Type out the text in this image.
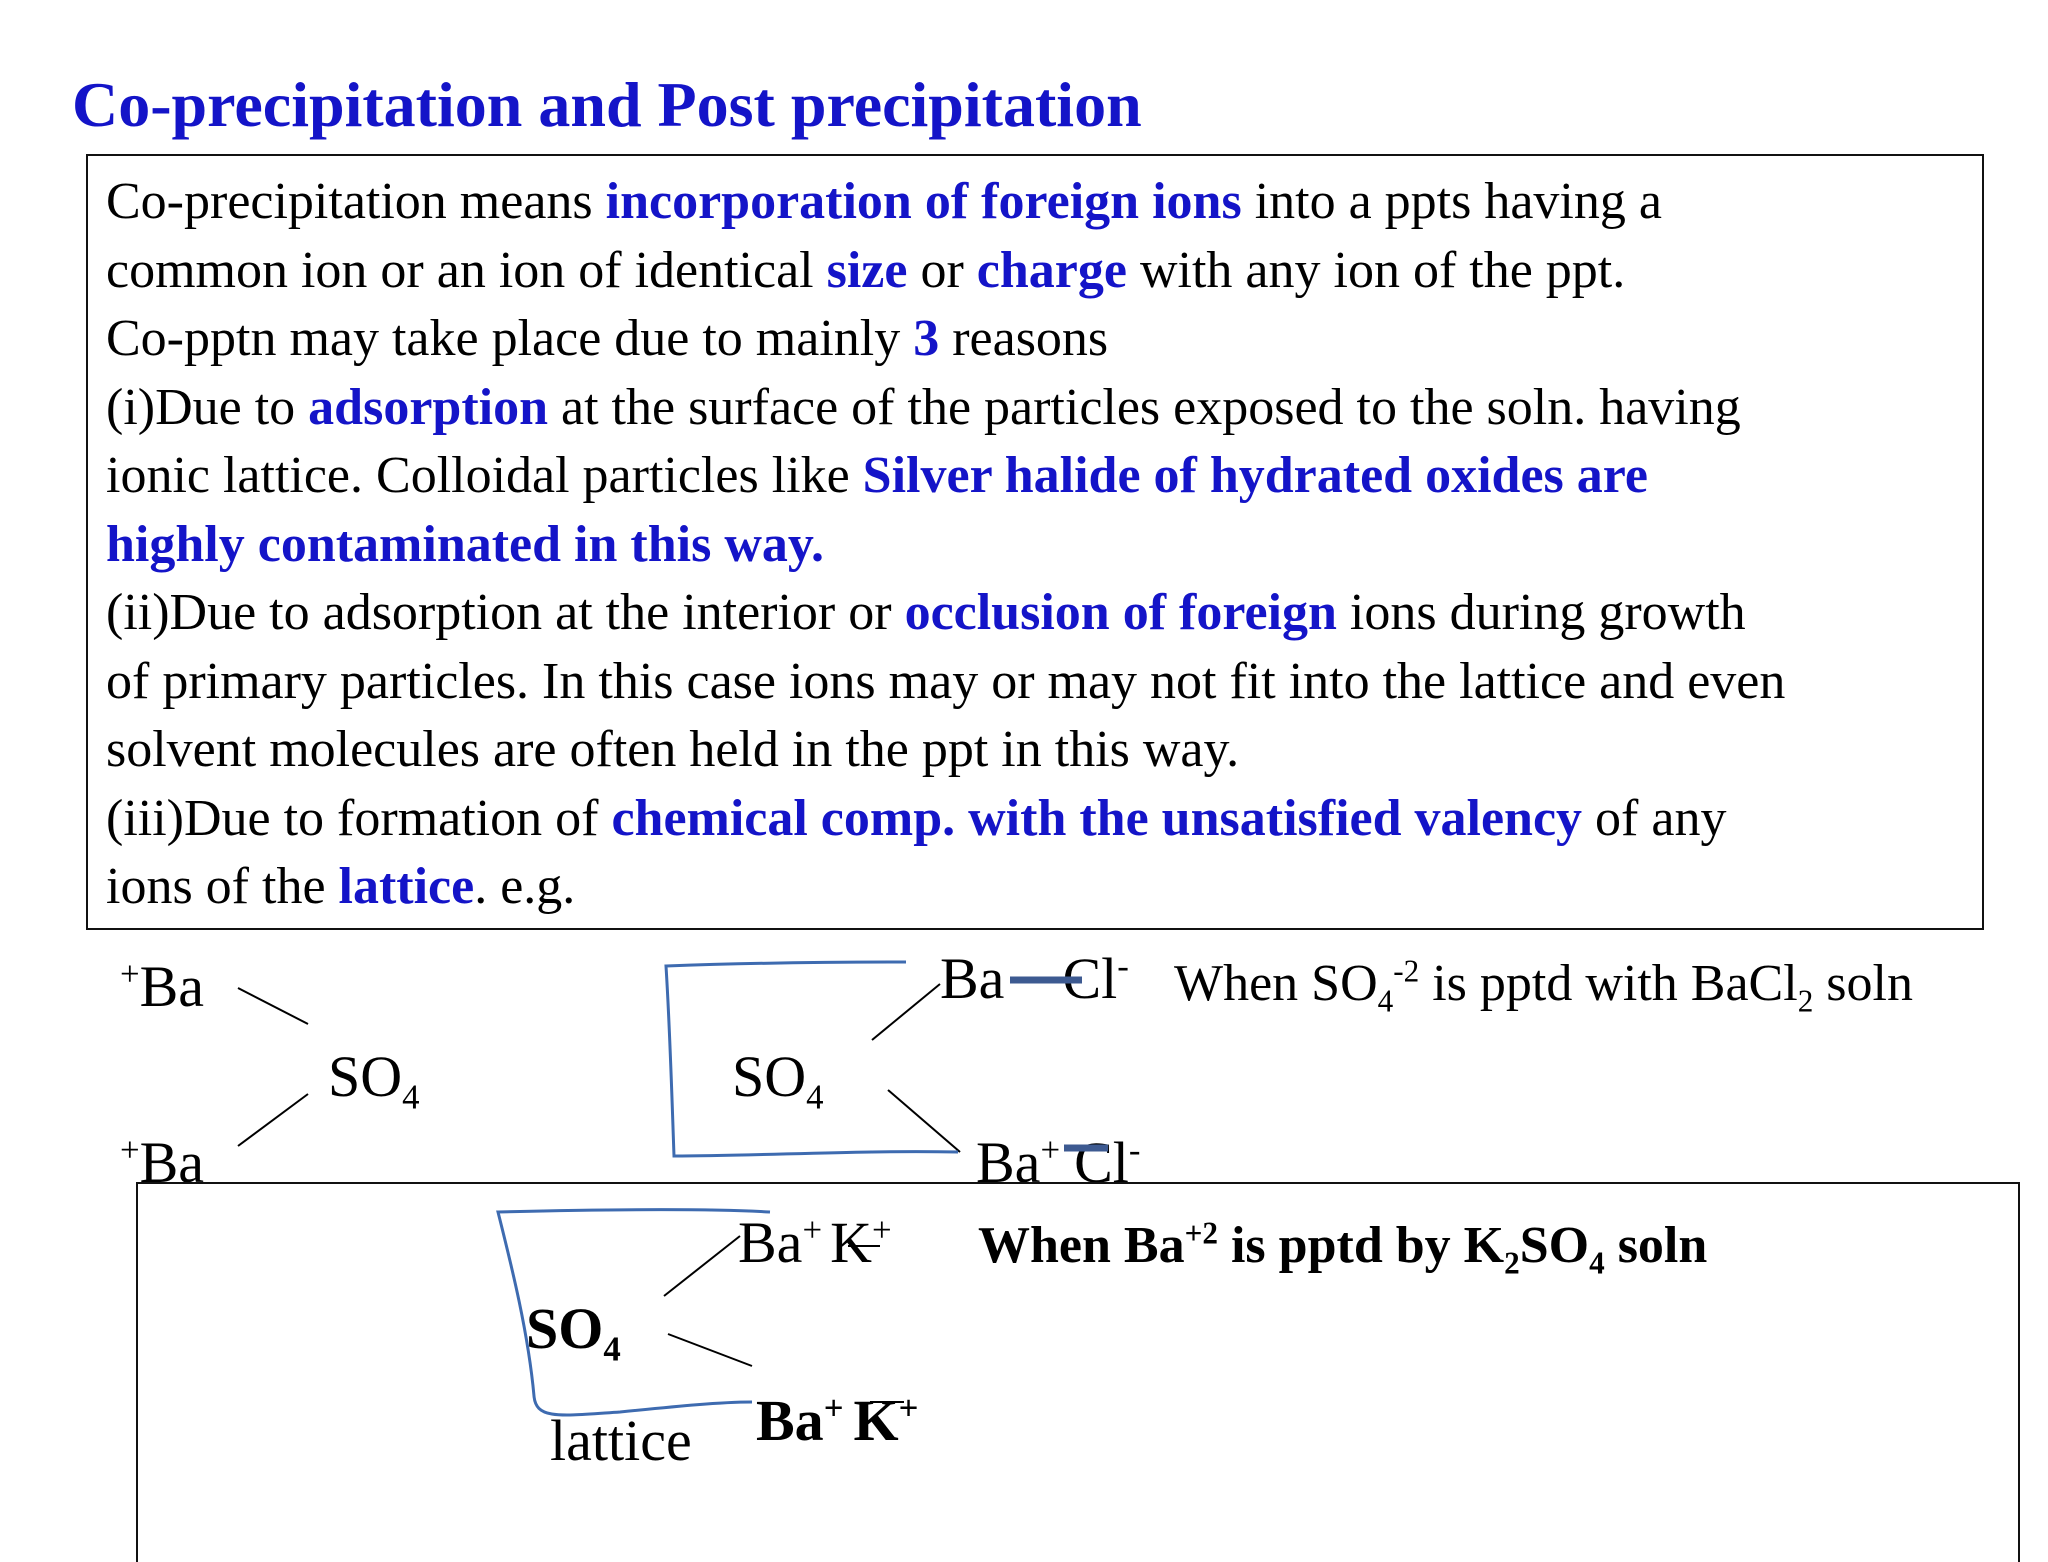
Co-precipitation and Post precipitation
Co-precipitation means incorporation of foreign ions into a ppts having a
common ion or an ion of identical size or charge with any ion of the ppt.
Co-pptn may take place due to mainly 3 reasons
(i)Due to adsorption at the surface of the particles exposed to the soln. having
ionic lattice. Colloidal particles like Silver halide of hydrated oxides are
highly contaminated in this way.
(ii)Due to adsorption at the interior or occlusion of foreign ions during growth
of primary particles. In this case ions may or may not fit into the lattice and even
solvent molecules are often held in the ppt in this way.
(iii)Due to formation of chemical comp. with the unsatisfied valency of any
ions of the lattice. e.g.
+Ba
$SO_4$
+Ba
Ba Cl- When $SO_4^{-2}$ is pptd with BaCl$_2$ soln
$SO_4$
Ba+ Cl-
Ba+ K+ When $Ba^{+2}$ is pptd by $K_2SO_4$ soln
$SO_4$
lattice Ba+ K+
